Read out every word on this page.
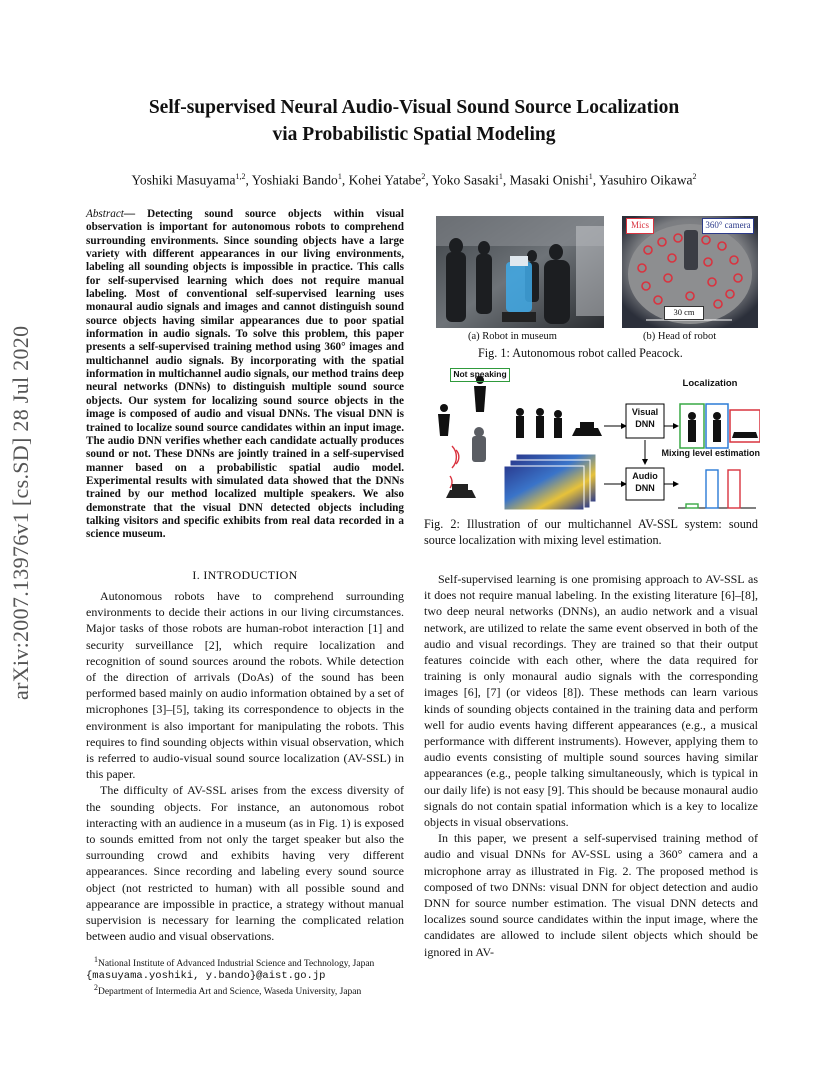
Self-supervised Neural Audio-Visual Sound Source Localization
via Probabilistic Spatial Modeling
Yoshiki Masuyama$^{1,2}$, Yoshiaki Bando$^1$, Kohei Yatabe$^2$, Yoko Sasaki$^1$, Masaki Onishi$^1$, Yasuhiro Oikawa$^2$
arXiv:2007.13976v1 [cs.SD] 28 Jul 2020
Abstract— Detecting sound source objects within visual observation is important for autonomous robots to comprehend surrounding environments. Since sounding objects have a large variety with different appearances in our living environments, labeling all sounding objects is impossible in practice. This calls for self-supervised learning which does not require manual labeling. Most of conventional self-supervised learning uses monaural audio signals and images and cannot distinguish sound source objects having similar appearances due to poor spatial information in audio signals. To solve this problem, this paper presents a self-supervised training method using 360° images and multichannel audio signals. By incorporating with the spatial information in multichannel audio signals, our method trains deep neural networks (DNNs) to distinguish multiple sound source objects. Our system for localizing sound source objects in the image is composed of audio and visual DNNs. The visual DNN is trained to localize sound source candidates within an input image. The audio DNN verifies whether each candidate actually produces sound or not. These DNNs are jointly trained in a self-supervised manner based on a probabilistic spatial audio model. Experimental results with simulated data showed that the DNNs trained by our method localized multiple speakers. We also demonstrate that the visual DNN detected objects including talking visitors and specific exhibits from real data recorded in a science museum.
I. INTRODUCTION

Autonomous robots have to comprehend surrounding environments to decide their actions in our living circumstances. Major tasks of those robots are human-robot interaction [1] and security surveillance [2], which require localization and recognition of sound sources around the robots. While detection of the direction of arrivals (DoAs) of the sound has been performed based mainly on audio information obtained by a set of microphones [3]–[5], taking its correspondence to objects in the environment is also important for manipulating the robots. This requires to find sounding objects within visual observation, which is referred to audio-visual sound source localization (AV-SSL) in this paper.

The difficulty of AV-SSL arises from the excess diversity of the sounding objects. For instance, an autonomous robot interacting with an audience in a museum (as in Fig. 1) is exposed to sounds emitted from not only the target speaker but also the surrounding crowd and exhibits having very different appearances. Since recording and labeling every sound source object (not restricted to human) with all possible sound and appearance are impossible in practice, a strategy without manual supervision is necessary for learning the complicated relation between audio and visual observations.

$^1$National Institute of Advanced Industrial Science and Technology, Japan
{masuyama.yoshiki, y.bando}@aist.go.jp
$^2$Department of Intermedia Art and Science, Waseda University, Japan

Self-supervised learning is one promising approach to AV-SSL as it does not require manual labeling. In the existing literature [6]–[8], two deep neural networks (DNNs), an audio network and a visual network, are utilized to relate the same event observed in both of the audio and visual recordings. They are trained so that their output features coincide with each other, where the data required for training is only monaural audio signals with the corresponding images [6], [7] (or videos [8]). These methods can learn various kinds of sounding objects contained in the training data and perform well for audio events having different appearances (e.g., a musical performance with different instruments). However, applying them to audio events consisting of multiple sound sources having similar appearances (e.g., people talking simultaneously, which is typical in our daily life) is not easy [9]. This should be because monaural audio signals do not contain spatial information which is a key to localize objects in visual observations.

In this paper, we present a self-supervised training method of audio and visual DNNs for AV-SSL using a 360° camera and a microphone array as illustrated in Fig. 2. The proposed method is composed of two DNNs: visual DNN for object detection and audio DNN for source number estimation. The visual DNN detects and localizes sound source candidates within the input image, where the candidates are allowed to include silent objects which should be ignored in AV-

Mics	360° camera
30 cm
(a) Robot in museum	(b) Head of robot
Fig. 1: Autonomous robot called Peacock.
Not speaking
Localization
Visual
DNN
Audio
DNN
Mixing level estimation
Fig. 2: Illustration of our multichannel AV-SSL system: sound source localization with mixing level estimation.
